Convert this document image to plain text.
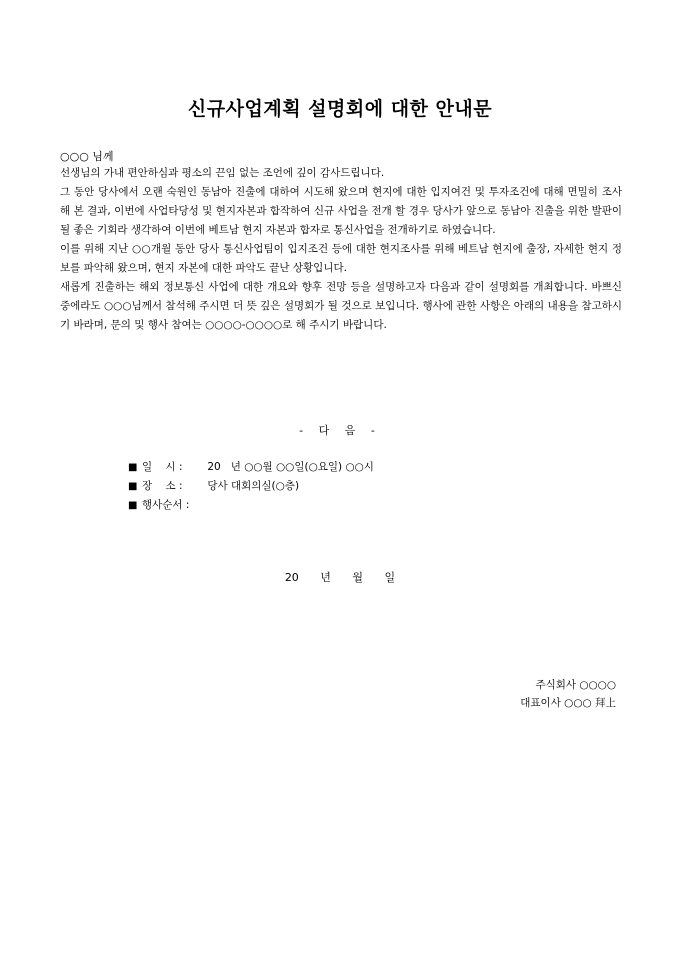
신규사업계획 설명회에 대한 안내문
○○○ 님께

선생님의 가내 편안하심과 평소의 끈임 없는 조언에 깊이 감사드립니다.

그 동안 당사에서 오랜 숙원인 동남아 진출에 대하여 시도해 왔으며 현지에 대한 입지여건 및 투자조건에 대해 면밀히 조사해 본 결과, 이번에 사업타당성 및 현지자본과 합작하여 신규 사업을 전개 할 경우 당사가 앞으로 동남아 진출을 위한 발판이 될 좋은 기회라 생각하여 이번에 베트남 현지 자본과 합자로 통신사업을 전개하기로 하였습니다.

이를 위해 지난 ○○개월 동안 당사 통신사업팀이 입지조건 등에 대한 현지조사를 위해 베트남 현지에 출장, 자세한 현지 정보를 파악해 왔으며, 현지 자본에 대한 파악도 끝난 상황입니다.

새롭게 진출하는 해외 정보통신 사업에 대한 개요와 향후 전망 등을 설명하고자 다음과 같이 설명회를 개최합니다. 바쁘신 중에라도 ○○○님께서 참석해 주시면 더 뜻 깊은 설명회가 될 것으로 보입니다. 행사에 관한 사항은 아래의 내용을 참고하시기 바라며, 문의 및 행사 참여는 ○○○○-○○○○로 해 주시기 바랍니다.

- 다 음 -
■ 일    시 : 20   년 ○○월 ○○일(○요일) ○○시
■ 장    소 : 당사 대회의실(○층)
■ 행사순서 :
20 년 월 일
주식회사 ○○○○
대표이사 ○○○ 拜上
